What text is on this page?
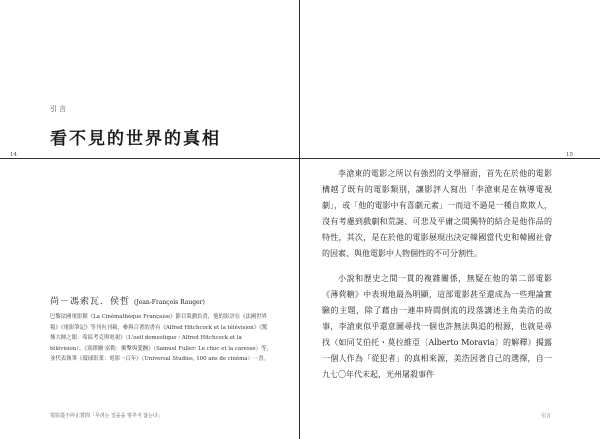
引言
看不見的世界的真相
14	15
尚－馮索瓦．侯哲 (Jean-François Rauger)

巴黎法國電影館《La Cinémathèque Française》節目策劃負責，他的影評在《法國世界報》《電影筆記》等刊有刊載，參與合著的書有《Alfred Hitchcock et la télévision》《驚悚大師之眼：希區考克與電視》（L'oeil domestique : Alfred Hitchcock et la télévision）、《塞繆爾·富勒：衝擊與愛撫》（Samuel Fuller: Le choc et la caresse）等，並代表執筆《環球影業：電影一百年》（Universal Studios, 100 ans de cinéma）一書。

電影從不停止質問「무려는 일을을 멈추지 않는다」	引言

李滄東的電影之所以有強烈的文學層面，首先在於他的電影構越了既有的電影類別，讓影評人寫出「李滄東是在執導電視劇」，或「他的電影中有喜劇元素」一而這不過是一種自欺欺人，沒有考慮到戲劇和荒誕、可悲及平庸之間獨特的結合是他作品的特性，其次，是在於他的電影展現出決定韓國當代史和韓國社會的因素、與他電影中人物個性的不可分割性。

小說和歷史之間一貫的複雜關係，無疑在他的第二部電影《薄荷糖》中表現地最為明顯，這部電影甚至還成為一些理論實驗的主題，除了藉由一連串時間倒流的段落講述主角美浩的故事，李滄東似乎還意圖尋找一個也許無法與追的根源，也就是尋找（如同艾伯托・莫拉維亞〔Alberto Moravia〕的解釋）揭露一個人作為「從犯者」的真相來源，美浩因著自己的選擇，自一九七〇年代末起，光州屠殺事件
